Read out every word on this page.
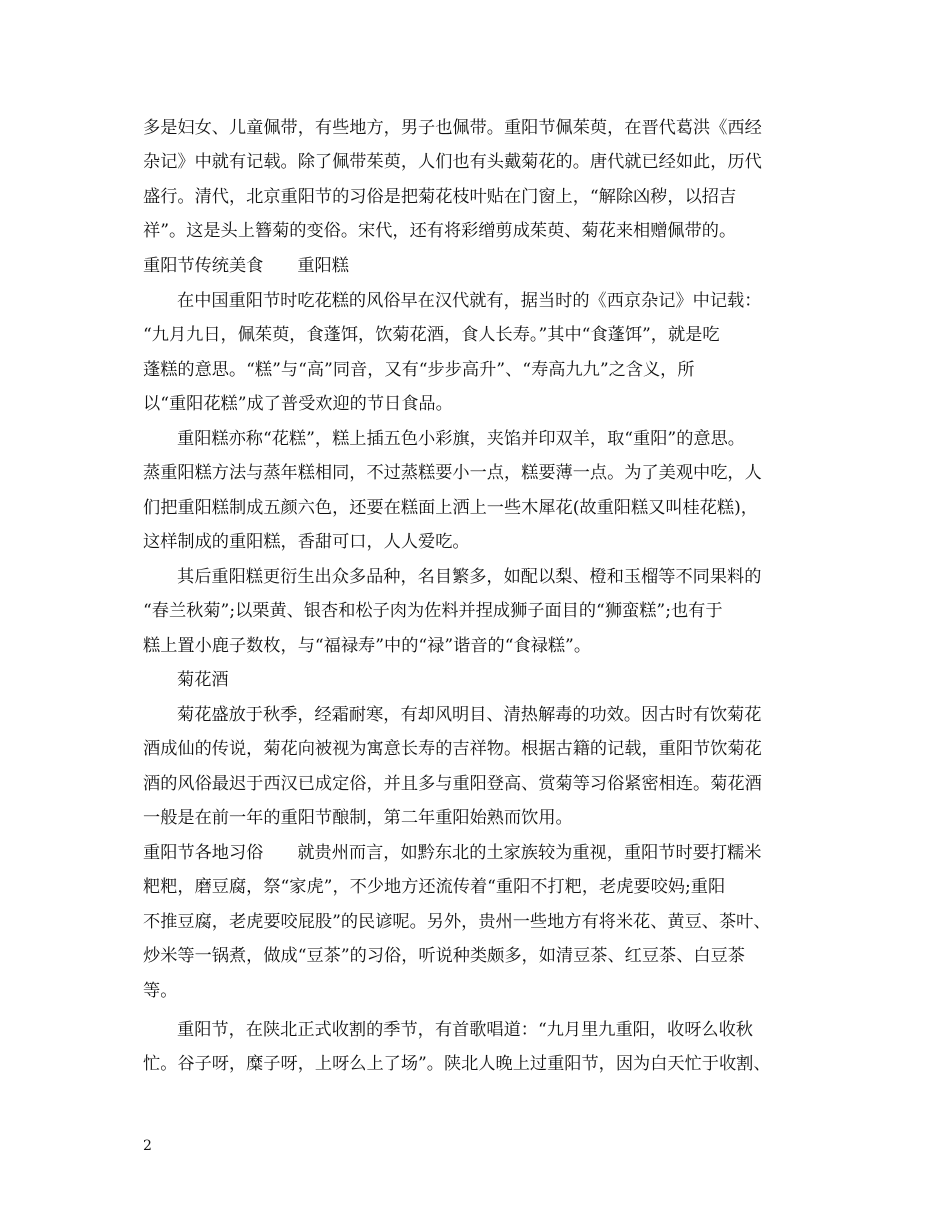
多是妇女、儿童佩带，有些地方，男子也佩带。重阳节佩茱萸，在晋代葛洪《西经

杂记》中就有记载。除了佩带茱萸，人们也有头戴菊花的。唐代就已经如此，历代

盛行。清代，北京重阳节的习俗是把菊花枝叶贴在门窗上，“解除凶秽，以招吉

祥”。这是头上簪菊的变俗。宋代，还有将彩缯剪成茱萸、菊花来相赠佩带的。

重阳节传统美食 重阳糕

在中国重阳节时吃花糕的风俗早在汉代就有，据当时的《西京杂记》中记载：

“九月九日，佩茱萸，食蓬饵，饮菊花酒，食人长寿。”其中“食蓬饵”，就是吃

蓬糕的意思。“糕”与“高”同音，又有“步步高升”、“寿高九九”之含义，所

以“重阳花糕”成了普受欢迎的节日食品。

重阳糕亦称“花糕”，糕上插五色小彩旗，夹馅并印双羊，取“重阳”的意思。

蒸重阳糕方法与蒸年糕相同，不过蒸糕要小一点，糕要薄一点。为了美观中吃，人

们把重阳糕制成五颜六色，还要在糕面上洒上一些木犀花(故重阳糕又叫桂花糕)，

这样制成的重阳糕，香甜可口，人人爱吃。

其后重阳糕更衍生出众多品种，名目繁多，如配以梨、橙和玉榴等不同果料的

“春兰秋菊”;以栗黄、银杏和松子肉为佐料并捏成狮子面目的“狮蛮糕”;也有于

糕上置小鹿子数枚，与“福禄寿”中的“禄”谐音的“食禄糕”。

菊花酒

菊花盛放于秋季，经霜耐寒，有却风明目、清热解毒的功效。因古时有饮菊花

酒成仙的传说，菊花向被视为寓意长寿的吉祥物。根据古籍的记载，重阳节饮菊花

酒的风俗最迟于西汉已成定俗，并且多与重阳登高、赏菊等习俗紧密相连。菊花酒

一般是在前一年的重阳节酿制，第二年重阳始熟而饮用。

重阳节各地习俗 就贵州而言，如黔东北的土家族较为重视，重阳节时要打糯米

粑粑，磨豆腐，祭“家虎”，不少地方还流传着“重阳不打粑，老虎要咬妈;重阳

不推豆腐，老虎要咬屁股”的民谚呢。另外，贵州一些地方有将米花、黄豆、茶叶、

炒米等一锅煮，做成“豆茶”的习俗，听说种类颇多，如清豆茶、红豆茶、白豆茶

等。

重阳节，在陕北正式收割的季节，有首歌唱道：“九月里九重阳，收呀么收秋

忙。谷子呀，糜子呀，上呀么上了场”。陕北人晚上过重阳节，因为白天忙于收割、

2
